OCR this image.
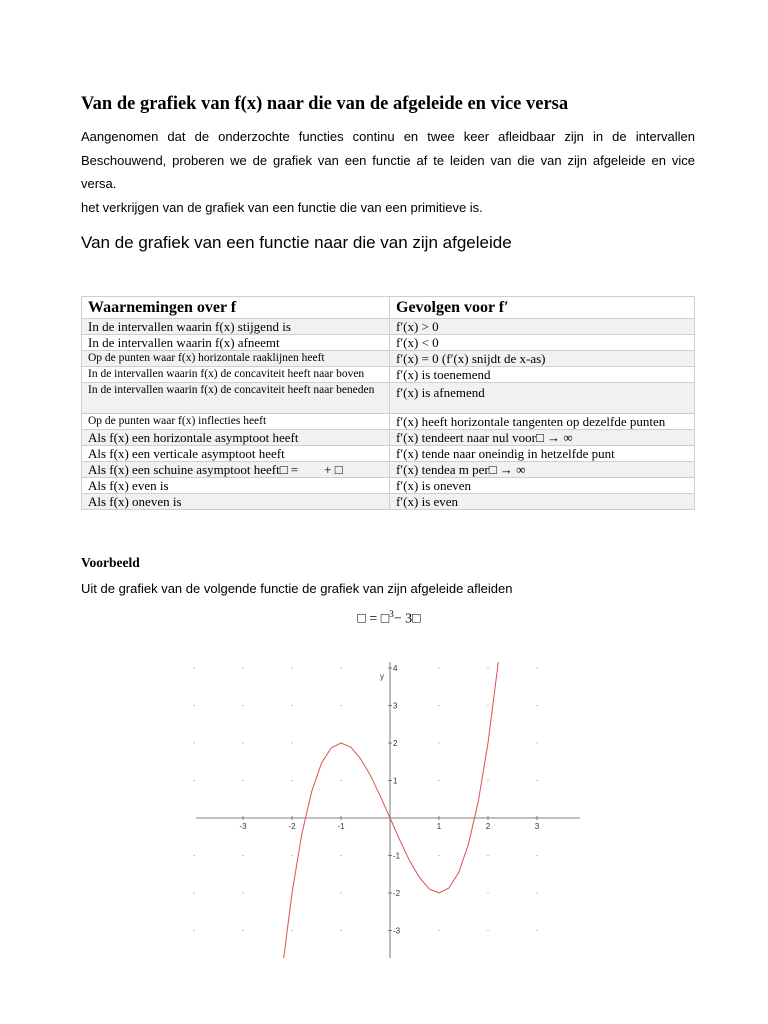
Van de grafiek van f(x) naar die van de afgeleide en vice versa

Aangenomen dat de onderzochte functies continu en twee keer afleidbaar zijn in de intervallen
Beschouwend, proberen we de grafiek van een functie af te leiden van die van zijn afgeleide en vice versa.
het verkrijgen van de grafiek van een functie die van een primitieve is.

Van de grafiek van een functie naar die van zijn afgeleide
Waarnemingen over f	Gevolgen voor f′
In de intervallen waarin f(x) stijgend is	f′(x) > 0
In de intervallen waarin f(x) afneemt	f′(x) < 0
Op de punten waar f(x) horizontale raaklijnen heeft	f′(x) = 0 (f′(x) snijdt de x-as)
In de intervallen waarin f(x) de concaviteit heeft naar boven	f′(x) is toenemend
In de intervallen waarin f(x) de concaviteit heeft naar beneden	f′(x) is afnemend
Op de punten waar f(x) inflecties heeft	f′(x) heeft horizontale tangenten op dezelfde punten
Als f(x) een horizontale asymptoot heeft	f′(x) tendeert naar nul voor□ → ∞
Als f(x) een verticale asymptoot heeft	f′(x) tende naar oneindig in hetzelfde punt
Als f(x) een schuine asymptoot heeft□ =        + □	f′(x) tendea m per□ → ∞
Als f(x) even is	f′(x) is oneven
Als f(x) oneven is	f′(x) is even
Voorbeeld

Uit de grafiek van de volgende functie de grafiek van zijn afgeleide afleiden

□ = □$^3$− 3□

-3	-2	-1	1	2	3
-3
-2
-1
1
2
3
4
y
